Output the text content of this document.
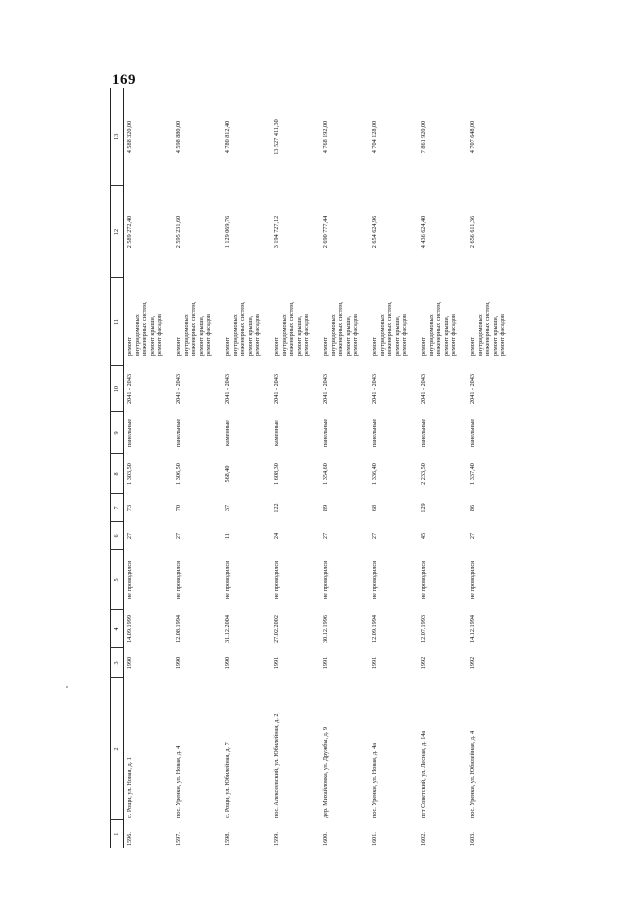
169
1	2	3	4	5	6	7	8	9	10	11	12	13
1596.	с. Рощи, ул. Новая, д. 1	1990	14.09.1999	не проводился	27	73	1 303,50	панельные	2041 - 2043	ремонт внутридомовых инженерных систем, ремонт крыши, ремонт фасадов	2 589 272,40	4 588 320,00
1597.	пос. Уренки, ул. Новая, д. 4	1990	12.08.1994	не проводился	27	70	1 306,50	панельные	2041 - 2043	ремонт внутридомовых инженерных систем, ремонт крыши, ремонт фасадов	2 595 231,60	4 598 880,00
1598.	с. Рощи, ул. Юбилейная, д. 7	1990	31.12.2004	не проводился	11	37	568,40	каменные	2041 - 2043	ремонт внутридомовых инженерных систем, ремонт крыши, ремонт фасадов	1 129 069,76	4 780 812,40
1599.	пос. Алексеевский, ул. Юбилейная, д. 2	1991	27.02.2002	не проводился	24	122	1 608,30	каменные	2041 - 2043	ремонт внутридомовых инженерных систем, ремонт крыши, ремонт фасадов	3 194 727,12	13 527 411,30
1600.	дер. Михайловка, ул. Дружбы, д. 9	1991	30.12.1996	не проводился	27	89	1 354,60	панельные	2041 - 2043	ремонт внутридомовых инженерных систем, ремонт крыши, ремонт фасадов	2 690 777,44	4 768 192,00
1601.	пос. Уренки, ул. Новая, д. 4а	1991	12.09.1994	не проводился	27	68	1 336,40	панельные	2041 - 2043	ремонт внутридомовых инженерных систем, ремонт крыши, ремонт фасадов	2 654 624,96	4 704 128,00
1602.	пгт Советский, ул. Лесная, д. 14а	1992	12.07.1993	не проводился	45	129	2 233,50	панельные	2041 - 2043	ремонт внутридомовых инженерных систем, ремонт крыши, ремонт фасадов	4 436 624,40	7 861 920,00
1603.	пос. Уренки, ул. Юбилейная, д. 4	1992	14.12.1994	не проводился	27	86	1 337,40	панельные	2041 - 2043	ремонт внутридомовых инженерных систем, ремонт крыши, ремонт фасадов	2 656 611,36	4 707 648,00
